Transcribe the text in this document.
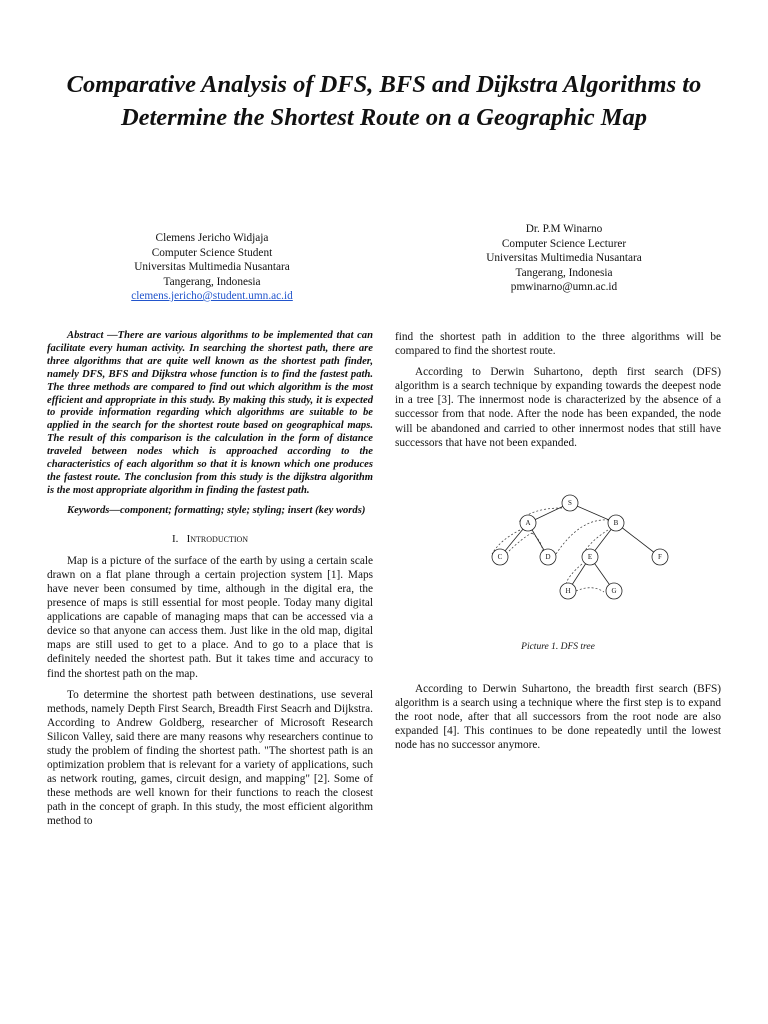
Comparative Analysis of DFS, BFS and Dijkstra Algorithms to Determine the Shortest Route on a Geographic Map
Clemens Jericho Widjaja
Computer Science Student
Universitas Multimedia Nusantara
Tangerang, Indonesia
clemens.jericho@student.umn.ac.id
Dr. P.M Winarno
Computer Science Lecturer
Universitas Multimedia Nusantara
Tangerang, Indonesia
pmwinarno@umn.ac.id

Abstract —There are various algorithms to be implemented that can facilitate every human activity. In searching the shortest path, there are three algorithms that are quite well known as the shortest path finder, namely DFS, BFS and Dijkstra whose function is to find the fastest path. The three methods are compared to find out which algorithm is the most efficient and appropriate in this study. By making this study, it is expected to provide information regarding which algorithms are suitable to be applied in the search for the shortest route based on geographical maps. The result of this comparison is the calculation in the form of distance traveled between nodes which is approached according to the characteristics of each algorithm so that it is known which one produces the fastest route. The conclusion from this study is the dijkstra algorithm is the most appropriate algorithm in finding the fastest path.

Keywords—component; formatting; style; styling; insert (key words)

I. Introduction

Map is a picture of the surface of the earth by using a certain scale drawn on a flat plane through a certain projection system [1]. Maps have never been consumed by time, although in the digital era, the presence of maps is still essential for most people. Today many digital applications are capable of managing maps that can be accessed via a device so that anyone can access them. Just like in the old map, digital maps are still used to get to a place. And to go to a place that is definitely needed the shortest path. But it takes time and accuracy to find the shortest path on the map.

To determine the shortest path between destinations, use several methods, namely Depth First Search, Breadth First Seacrh and Dijkstra. According to Andrew Goldberg, researcher of Microsoft Research Silicon Valley, said there are many reasons why researchers continue to study the problem of finding the shortest path. "The shortest path is an optimization problem that is relevant for a variety of applications, such as network routing, games, circuit design, and mapping" [2]. Some of these methods are well known for their functions to reach the closest path in the concept of graph. In this study, the most efficient algorithm method to

find the shortest path in addition to the three algorithms will be compared to find the shortest route.

According to Derwin Suhartono, depth first search (DFS) algorithm is a search technique by expanding towards the deepest node in a tree [3]. The innermost node is characterized by the absence of a successor from that node. After the node has been expanded, the node will be abandoned and carried to other innermost nodes that still have successors that have not been expanded.

S
A	B
C	D	E	F
H	G
Picture 1. DFS tree

According to Derwin Suhartono, the breadth first search (BFS) algorithm is a search using a technique where the first step is to expand the root node, after that all successors from the root node are also expanded [4]. This continues to be done repeatedly until the lowest node has no successor anymore.
